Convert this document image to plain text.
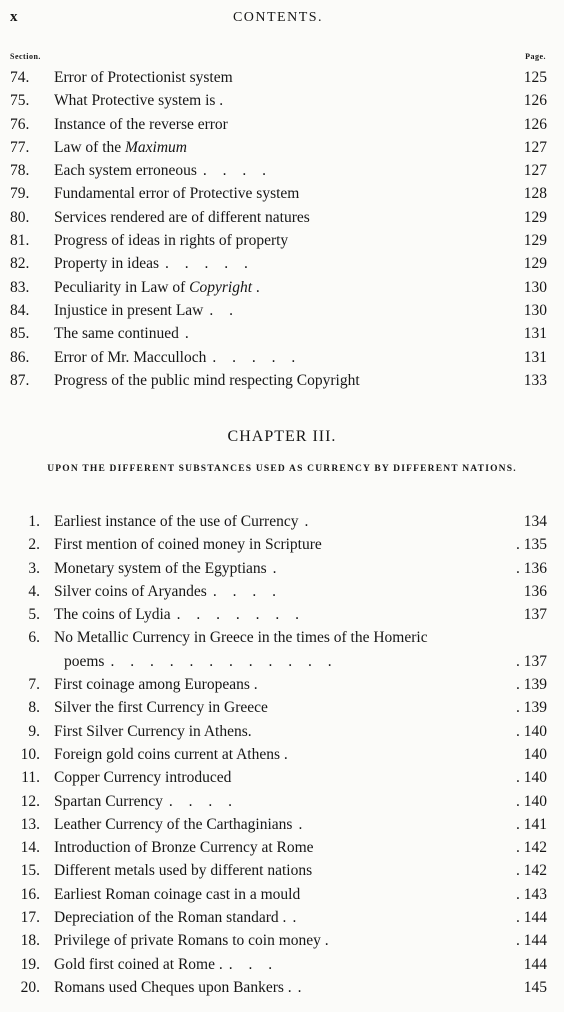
x	CONTENTS.
Section.	Page.
74.	Error of Protectionist system	125
75.	What Protective system is .	126
76.	Instance of the reverse error	126
77.	Law of the Maximum	127
78.	Each system erroneous . . . .	127
79.	Fundamental error of Protective system	128
80.	Services rendered are of different natures	129
81.	Progress of ideas in rights of property	129
82.	Property in ideas . . . . .	129
83.	Peculiarity in Law of Copyright .	130
84.	Injustice in present Law . .	130
85.	The same continued .	131
86.	Error of Mr. Macculloch . . . . .	131
87.	Progress of the public mind respecting Copyright	133
CHAPTER III.
UPON THE DIFFERENT SUBSTANCES USED AS CURRENCY BY DIFFERENT NATIONS.
1. Earliest instance of the use of Currency .	134
2. First mention of coined money in Scripture	. 135
3. Monetary system of the Egyptians .	. 136
4. Silver coins of Aryandes . . . .	136
5. The coins of Lydia . . . . . . .	137
6. No Metallic Currency in Greece in the times of the Homeric
poems . . . . . . . . . . . .	. 137
7. First coinage among Europeans .	. 139
8. Silver the first Currency in Greece	. 139
9. First Silver Currency in Athens.	. 140
10. Foreign gold coins current at Athens .	140
11. Copper Currency introduced	. 140
12. Spartan Currency . . . .	. 140
13. Leather Currency of the Carthaginians .	. 141
14. Introduction of Bronze Currency at Rome	. 142
15. Different metals used by different nations	. 142
16. Earliest Roman coinage cast in a mould	. 143
17. Depreciation of the Roman standard . .	. 144
18. Privilege of private Romans to coin money .	. 144
19. Gold first coined at Rome . . . .	144
20. Romans used Cheques upon Bankers . .	145
